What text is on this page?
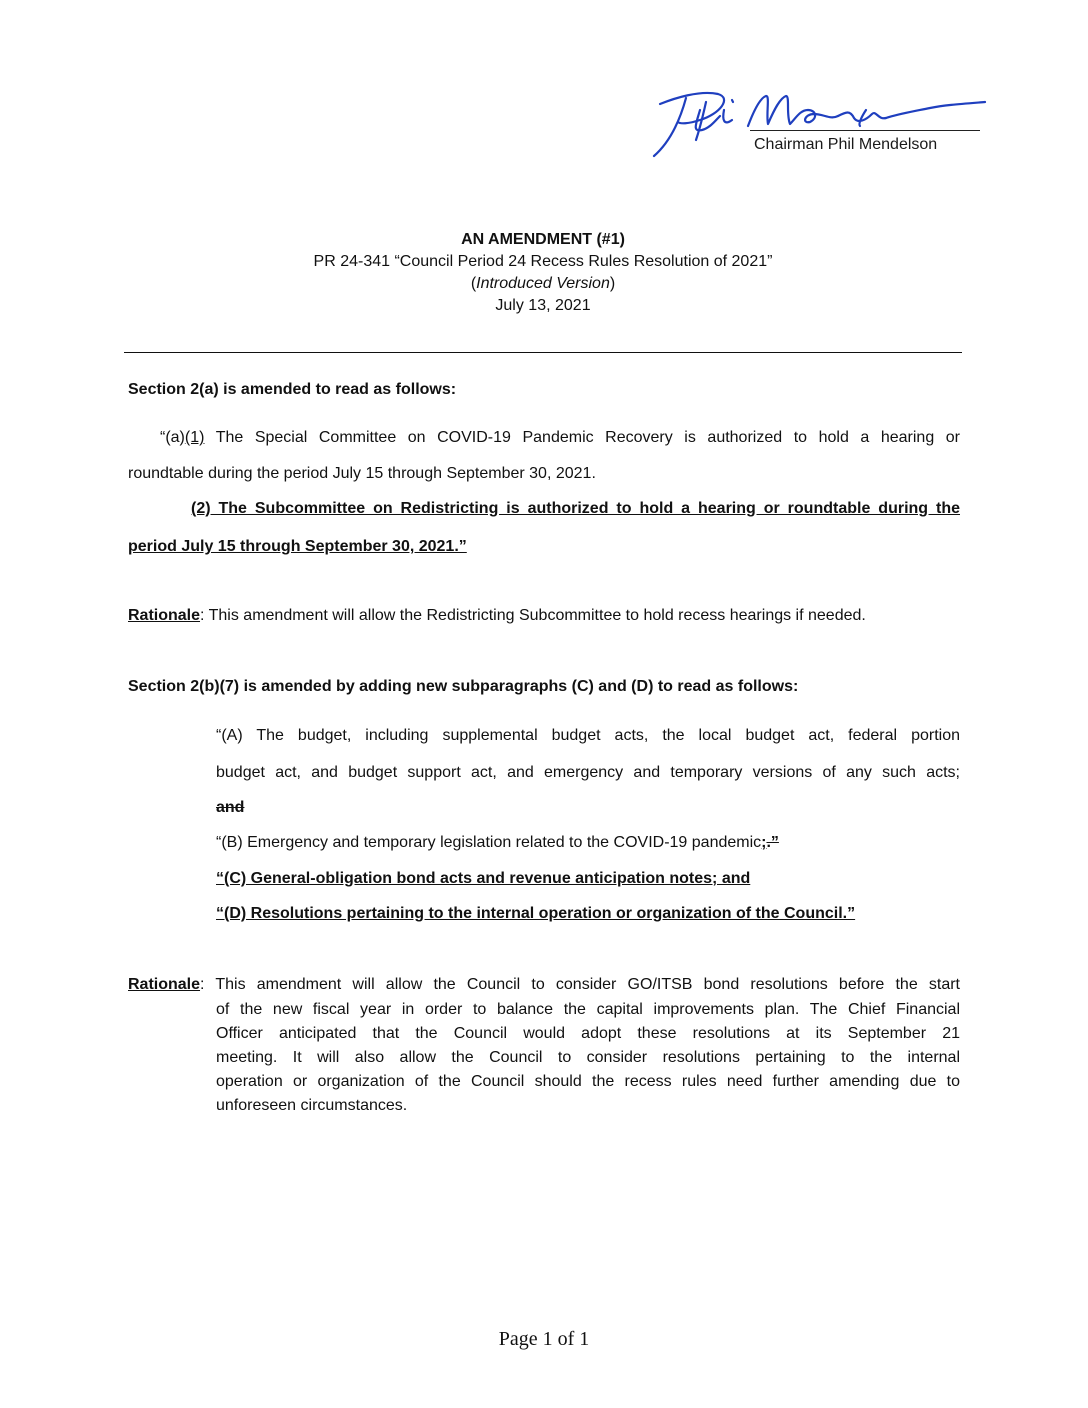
Chairman Phil Mendelson
AN AMENDMENT (#1)
PR 24-341 “Council Period 24 Recess Rules Resolution of 2021”
(Introduced Version)
July 13, 2021
Section 2(a) is amended to read as follows:
“(a)(1) The Special Committee on COVID-19 Pandemic Recovery is authorized to hold a hearing or
roundtable during the period July 15 through September 30, 2021.
(2) The Subcommittee on Redistricting is authorized to hold a hearing or roundtable during the
period July 15 through September 30, 2021.”
Rationale: This amendment will allow the Redistricting Subcommittee to hold recess hearings if needed.
Section 2(b)(7) is amended by adding new subparagraphs (C) and (D) to read as follows:
“(A) The budget, including supplemental budget acts, the local budget act, federal portion
budget act, and budget support act, and emergency and temporary versions of any such acts;
and
“(B) Emergency and temporary legislation related to the COVID-19 pandemic;.”
“(C) General-obligation bond acts and revenue anticipation notes; and
“(D) Resolutions pertaining to the internal operation or organization of the Council.”
Rationale: This amendment will allow the Council to consider GO/ITSB bond resolutions before the start
of the new fiscal year in order to balance the capital improvements plan. The Chief Financial
Officer anticipated that the Council would adopt these resolutions at its September 21
meeting. It will also allow the Council to consider resolutions pertaining to the internal
operation or organization of the Council should the recess rules need further amending due to
unforeseen circumstances.
Page 1 of 1
